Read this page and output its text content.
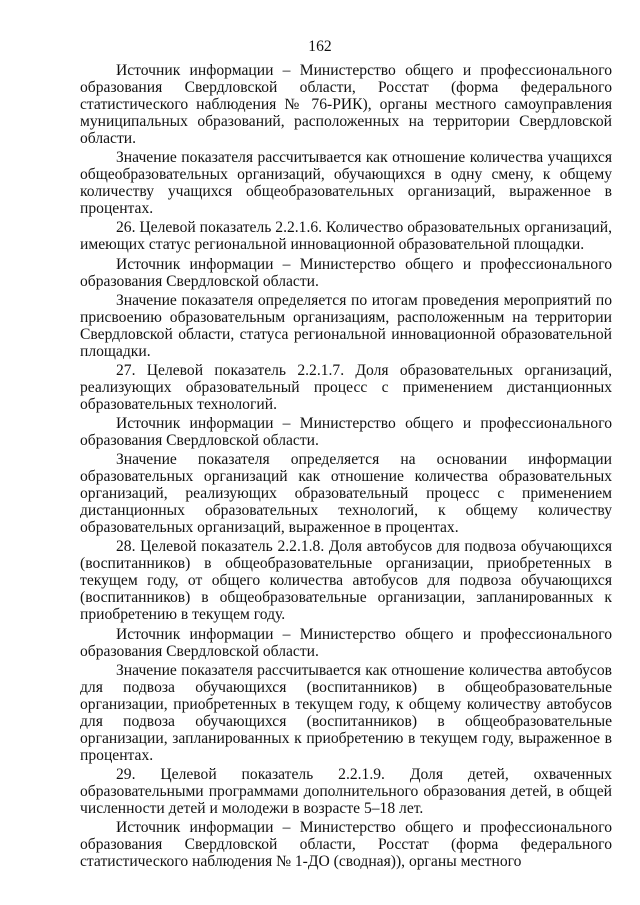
162

Источник информации – Министерство общего и профессионального образования Свердловской области, Росстат (форма федерального статистического наблюдения № 76-РИК), органы местного самоуправления муниципальных образований, расположенных на территории Свердловской области.

Значение показателя рассчитывается как отношение количества учащихся общеобразовательных организаций, обучающихся в одну смену, к общему количеству учащихся общеобразовательных организаций, выраженное в процентах.

26. Целевой показатель 2.2.1.6. Количество образовательных организаций, имеющих статус региональной инновационной образовательной площадки.

Источник информации – Министерство общего и профессионального образования Свердловской области.

Значение показателя определяется по итогам проведения мероприятий по присвоению образовательным организациям, расположенным на территории Свердловской области, статуса региональной инновационной образовательной площадки.

27. Целевой показатель 2.2.1.7. Доля образовательных организаций, реализующих образовательный процесс с применением дистанционных образовательных технологий.

Источник информации – Министерство общего и профессионального образования Свердловской области.

Значение показателя определяется на основании информации образовательных организаций как отношение количества образовательных организаций, реализующих образовательный процесс с применением дистанционных образовательных технологий, к общему количеству образовательных организаций, выраженное в процентах.

28. Целевой показатель 2.2.1.8. Доля автобусов для подвоза обучающихся (воспитанников) в общеобразовательные организации, приобретенных в текущем году, от общего количества автобусов для подвоза обучающихся (воспитанников) в общеобразовательные организации, запланированных к приобретению в текущем году.

Источник информации – Министерство общего и профессионального образования Свердловской области.

Значение показателя рассчитывается как отношение количества автобусов для подвоза обучающихся (воспитанников) в общеобразовательные организации, приобретенных в текущем году, к общему количеству автобусов для подвоза обучающихся (воспитанников) в общеобразовательные организации, запланированных к приобретению в текущем году, выраженное в процентах.

29. Целевой показатель 2.2.1.9. Доля детей, охваченных образовательными программами дополнительного образования детей, в общей численности детей и молодежи в возрасте 5–18 лет.

Источник информации – Министерство общего и профессионального образования Свердловской области, Росстат (форма федерального статистического наблюдения № 1-ДО (сводная)), органы местного
